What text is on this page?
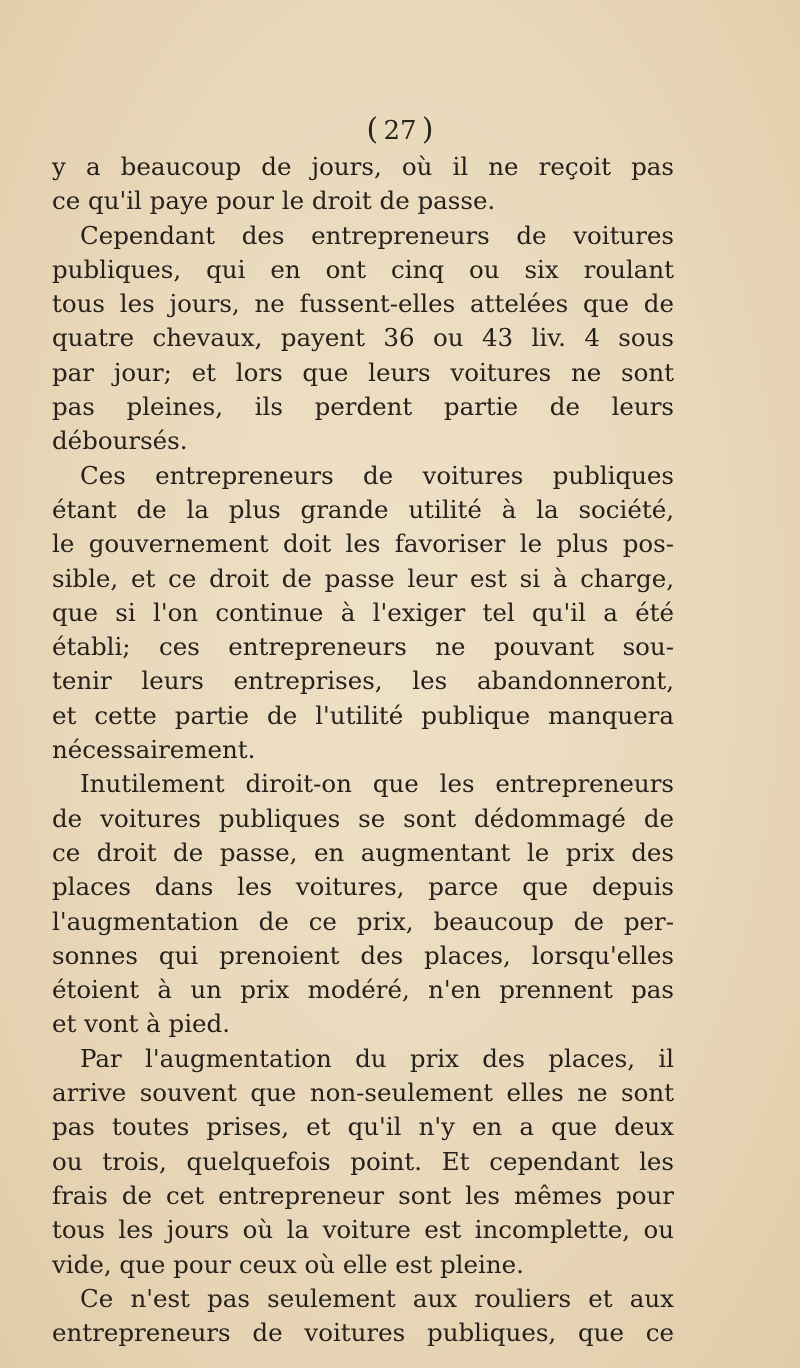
(  27  )
y a beaucoup de jours, où il ne reçoit pas
ce qu'il paye pour le droit de passe.
Cependant des entrepreneurs de voitures
publiques, qui en ont cinq ou six roulant
tous les jours, ne fussent-elles attelées que de
quatre chevaux, payent 36 ou 43 liv. 4 sous
par jour; et lors que leurs voitures ne sont
pas pleines, ils perdent partie de leurs
déboursés.
Ces entrepreneurs de voitures publiques
étant de la plus grande utilité à la société,
le gouvernement doit les favoriser le plus pos-
sible, et ce droit de passe leur est si à charge,
que si l'on continue à l'exiger tel qu'il a été
établi; ces entrepreneurs ne pouvant sou-
tenir leurs entreprises, les abandonneront,
et cette partie de l'utilité publique manquera
nécessairement.
Inutilement diroit-on que les entrepreneurs
de voitures publiques se sont dédommagé de
ce droit de passe, en augmentant le prix des
places dans les voitures, parce que depuis
l'augmentation de ce prix, beaucoup de per-
sonnes qui prenoient des places, lorsqu'elles
étoient à un prix modéré, n'en prennent pas
et vont à pied.
Par l'augmentation du prix des places, il
arrive souvent que non-seulement elles ne sont
pas toutes prises, et qu'il n'y en a que deux
ou trois, quelquefois point. Et cependant les
frais de cet entrepreneur sont les mêmes pour
tous les jours où la voiture est incomplette, ou
vide, que pour ceux où elle est pleine.
Ce n'est pas seulement aux rouliers et aux
entrepreneurs de voitures publiques, que ce
